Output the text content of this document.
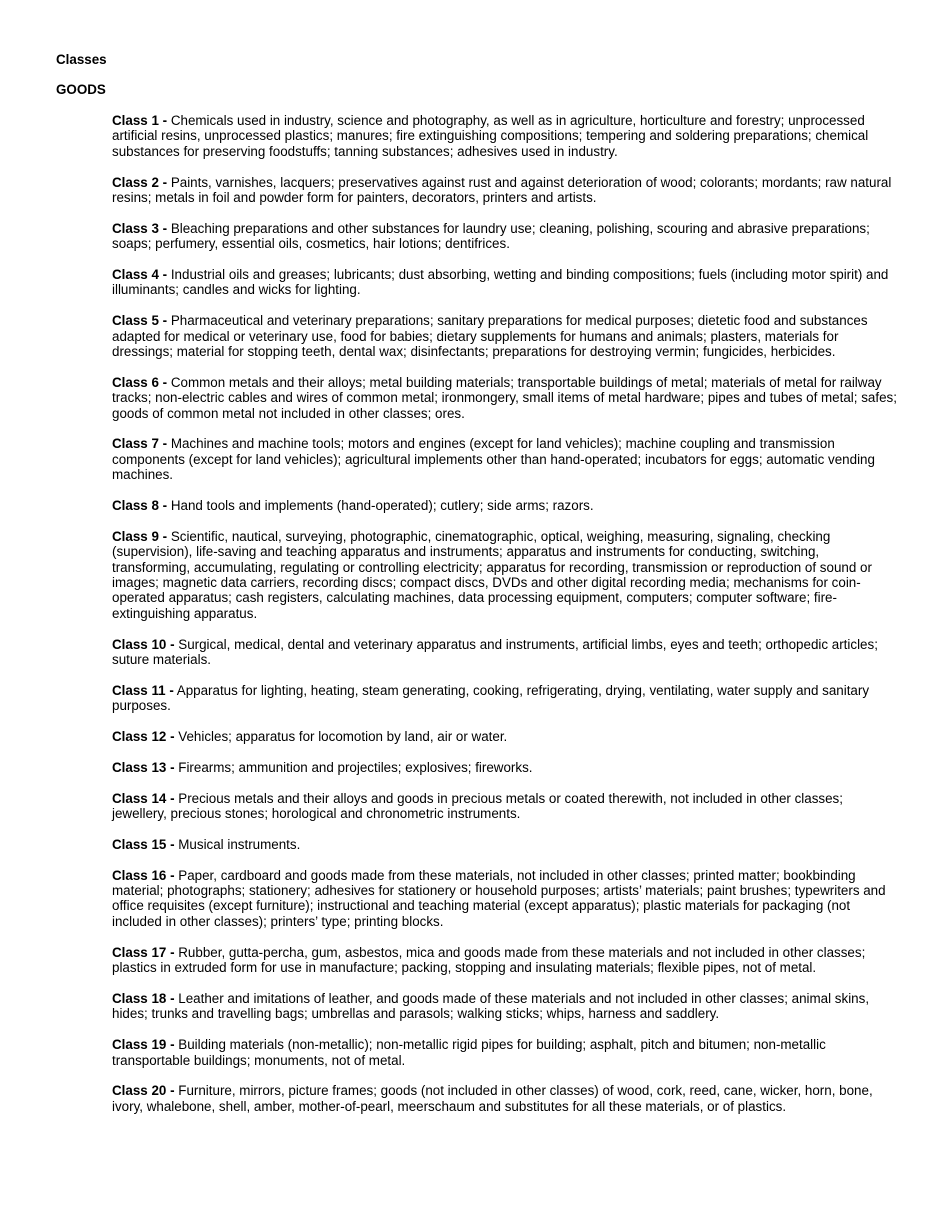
Classes
GOODS

Class 1 - Chemicals used in industry, science and photography, as well as in agriculture, horticulture and forestry; unprocessed artificial resins, unprocessed plastics; manures; fire extinguishing compositions; tempering and soldering preparations; chemical substances for preserving foodstuffs; tanning substances; adhesives used in industry.

Class 2 - Paints, varnishes, lacquers; preservatives against rust and against deterioration of wood; colorants; mordants; raw natural resins; metals in foil and powder form for painters, decorators, printers and artists.

Class 3 - Bleaching preparations and other substances for laundry use; cleaning, polishing, scouring and abrasive preparations; soaps; perfumery, essential oils, cosmetics, hair lotions; dentifrices.

Class 4 - Industrial oils and greases; lubricants; dust absorbing, wetting and binding compositions; fuels (including motor spirit) and illuminants; candles and wicks for lighting.

Class 5 - Pharmaceutical and veterinary preparations; sanitary preparations for medical purposes; dietetic food and substances adapted for medical or veterinary use, food for babies; dietary supplements for humans and animals; plasters, materials for dressings; material for stopping teeth, dental wax; disinfectants; preparations for destroying vermin; fungicides, herbicides.

Class 6 - Common metals and their alloys; metal building materials; transportable buildings of metal; materials of metal for railway tracks; non-electric cables and wires of common metal; ironmongery, small items of metal hardware; pipes and tubes of metal; safes; goods of common metal not included in other classes; ores.

Class 7 - Machines and machine tools; motors and engines (except for land vehicles); machine coupling and transmission components (except for land vehicles); agricultural implements other than hand-operated; incubators for eggs; automatic vending machines.

Class 8 - Hand tools and implements (hand-operated); cutlery; side arms; razors.

Class 9 - Scientific, nautical, surveying, photographic, cinematographic, optical, weighing, measuring, signaling, checking (supervision), life-saving and teaching apparatus and instruments; apparatus and instruments for conducting, switching, transforming, accumulating, regulating or controlling electricity; apparatus for recording, transmission or reproduction of sound or images; magnetic data carriers, recording discs; compact discs, DVDs and other digital recording media; mechanisms for coin-operated apparatus; cash registers, calculating machines, data processing equipment, computers; computer software; fire-extinguishing apparatus.

Class 10 - Surgical, medical, dental and veterinary apparatus and instruments, artificial limbs, eyes and teeth; orthopedic articles; suture materials.

Class 11 - Apparatus for lighting, heating, steam generating, cooking, refrigerating, drying, ventilating, water supply and sanitary purposes.

Class 12 - Vehicles; apparatus for locomotion by land, air or water.

Class 13 - Firearms; ammunition and projectiles; explosives; fireworks.

Class 14 - Precious metals and their alloys and goods in precious metals or coated therewith, not included in other classes; jewellery, precious stones; horological and chronometric instruments.

Class 15 - Musical instruments.

Class 16 - Paper, cardboard and goods made from these materials, not included in other classes; printed matter; bookbinding material; photographs; stationery; adhesives for stationery or household purposes; artists’ materials; paint brushes; typewriters and office requisites (except furniture); instructional and teaching material (except apparatus); plastic materials for packaging (not included in other classes); printers’ type; printing blocks.

Class 17 - Rubber, gutta-percha, gum, asbestos, mica and goods made from these materials and not included in other classes; plastics in extruded form for use in manufacture; packing, stopping and insulating materials; flexible pipes, not of metal.

Class 18 - Leather and imitations of leather, and goods made of these materials and not included in other classes; animal skins, hides; trunks and travelling bags; umbrellas and parasols; walking sticks; whips, harness and saddlery.

Class 19 - Building materials (non-metallic); non-metallic rigid pipes for building; asphalt, pitch and bitumen; non-metallic transportable buildings; monuments, not of metal.

Class 20 - Furniture, mirrors, picture frames; goods (not included in other classes) of wood, cork, reed, cane, wicker, horn, bone, ivory, whalebone, shell, amber, mother-of-pearl, meerschaum and substitutes for all these materials, or of plastics.
